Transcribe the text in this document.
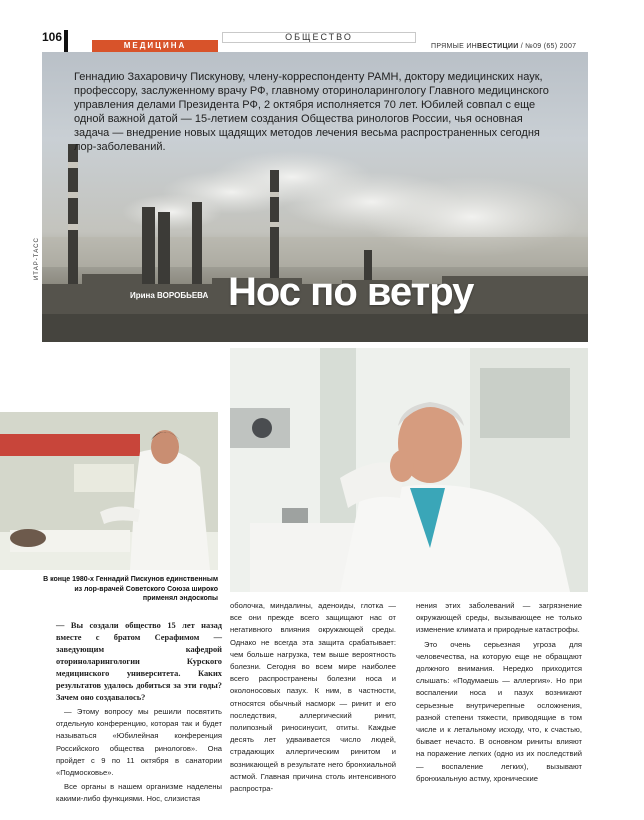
106	ОБЩЕСТВО
МЕДИЦИНА	ПРЯМЫЕ ИНВЕСТИЦИИ / №09 (65) 2007
Геннадию Захаровичу Пискунову, члену-корреспонденту РАМН, доктору медицинских наук, профессору, заслуженному врачу РФ, главному оториноларингологу Главного медицинского управления делами Президента РФ, 2 октября исполняется 70 лет. Юбилей совпал с еще одной важной датой — 15-летием создания Общества ринологов России, чья основная задача — внедрение новых щадящих методов лечения весьма распространенных сегодня лор-заболеваний.
Ирина ВОРОБЬЕВА Нос по ветру
ИТАР-ТАСС
В конце 1980-х Геннадий Пискунов единственным из лор-врачей Советского Союза широко применял эндоскопы

— Вы создали общество 15 лет назад вместе с братом Серафимом — заведующим кафедрой оториноларингологии Курского медицинского университета. Каких результатов удалось добиться за эти годы? Зачем оно создавалось?

— Этому вопросу мы решили посвятить отдельную конференцию, которая так и будет называться «Юбилейная конференция Российского общества ринологов». Она пройдет с 9 по 11 октября в санатории «Подмосковье».

Все органы в нашем организме наделены какими-либо функциями. Нос, слизистая

оболочка, миндалины, аденоиды, глотка — все они прежде всего защищают нас от негативного влияния окружающей среды. Однако не всегда эта защита срабатывает: чем больше нагрузка, тем выше вероятность болезни. Сегодня во всем мире наиболее всего распространены болезни носа и околоносовых пазух. К ним, в частности, относятся обычный насморк — ринит и его последствия, аллергический ринит, полипозный риносинусит, отиты. Каждые десять лет удваивается число людей, страдающих аллергическим ринитом и возникающей в результате него бронхиальной астмой. Главная причина столь интенсивного распростра-

нения этих заболеваний — загрязнение окружающей среды, вызывающее не только изменение климата и природные катастрофы.

Это очень серьезная угроза для человечества, на которую еще не обращают должного внимания. Нередко приходится слышать: «Подумаешь — аллергия». Но при воспалении носа и пазух возникают серьезные внутричерепные осложнения, разной степени тяжести, приводящие в том числе и к летальному исходу, что, к счастью, бывает нечасто. В основном риниты влияют на поражение легких (одно из их последствий — воспаление легких), вызывают бронхиальную астму, хронические
